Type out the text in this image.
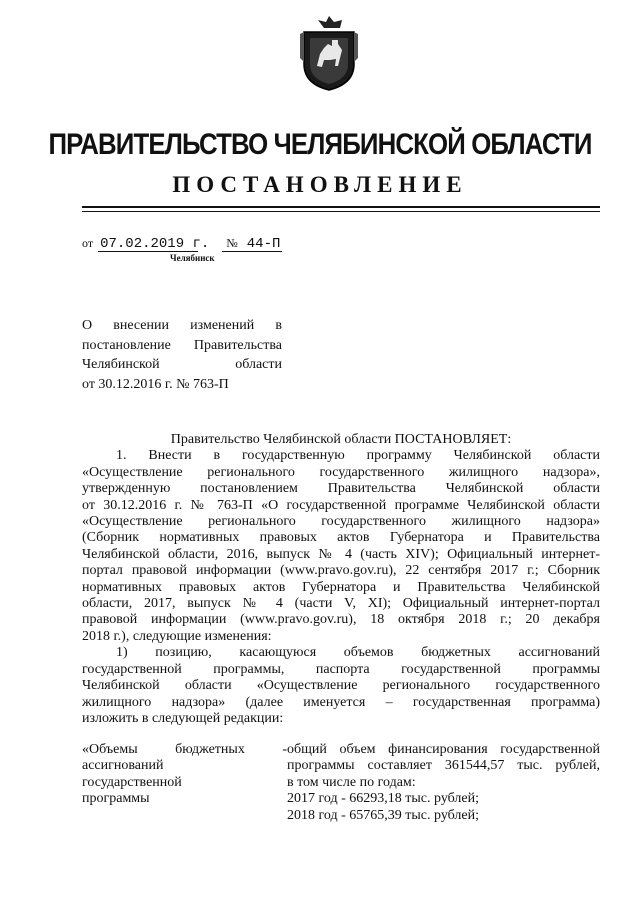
ПРАВИТЕЛЬСТВО ЧЕЛЯБИНСКОЙ ОБЛАСТИ
ПОСТАНОВЛЕНИЕ
от 07.02.2019 г. № 44-П
Челябинск
О внесении изменений в
постановление Правительства
Челябинской области
от 30.12.2016 г. № 763-П
Правительство Челябинской области ПОСТАНОВЛЯЕТ:
1. Внести в государственную программу Челябинской области
«Осуществление регионального государственного жилищного надзора»,
утвержденную постановлением Правительства Челябинской области
от 30.12.2016 г. № 763-П «О государственной программе Челябинской области
«Осуществление регионального государственного жилищного надзора»
(Сборник нормативных правовых актов Губернатора и Правительства
Челябинской области, 2016, выпуск № 4 (часть XIV); Официальный интернет-
портал правовой информации (www.pravo.gov.ru), 22 сентября 2017 г.; Сборник
нормативных правовых актов Губернатора и Правительства Челябинской
области, 2017, выпуск № 4 (части V, XI); Официальный интернет-портал
правовой информации (www.pravo.gov.ru), 18 октября 2018 г.; 20 декабря
2018 г.), следующие изменения:
1) позицию, касающуюся объемов бюджетных ассигнований
государственной программы, паспорта государственной программы
Челябинской области «Осуществление регионального государственного
жилищного надзора» (далее именуется – государственная программа)
изложить в следующей редакции:
«Объемы бюджетных -
ассигнований
государственной
программы
общий объем финансирования государственной
программы составляет 361544,57 тыс. рублей,
в том числе по годам:
2017 год - 66293,18 тыс. рублей;
2018 год - 65765,39 тыс. рублей;
